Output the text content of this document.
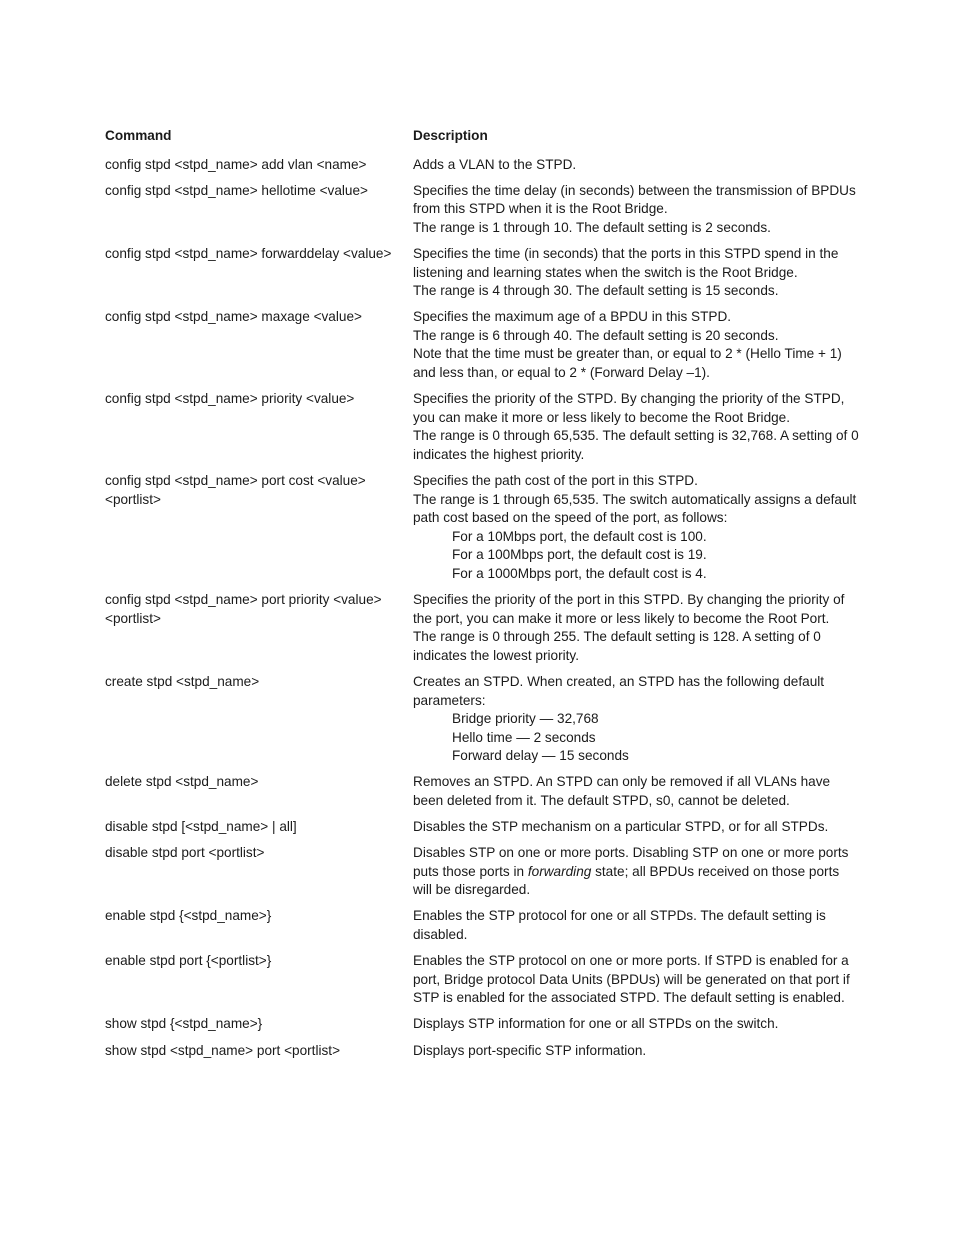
Command	Description
config stpd <stpd_name> add vlan <name>	Adds a VLAN to the STPD.

config stpd <stpd_name> hellotime <value>	Specifies the time delay (in seconds) between the transmission of BPDUs from this STPD when it is the Root Bridge.
The range is 1 through 10. The default setting is 2 seconds.

config stpd <stpd_name> forwarddelay <value>	Specifies the time (in seconds) that the ports in this STPD spend in the listening and learning states when the switch is the Root Bridge.
The range is 4 through 30. The default setting is 15 seconds.

config stpd <stpd_name> maxage <value>	Specifies the maximum age of a BPDU in this STPD.
The range is 6 through 40. The default setting is 20 seconds.
Note that the time must be greater than, or equal to 2 * (Hello Time + 1) and less than, or equal to 2 * (Forward Delay –1).

config stpd <stpd_name> priority <value>	Specifies the priority of the STPD. By changing the priority of the STPD, you can make it more or less likely to become the Root Bridge.
The range is 0 through 65,535. The default setting is 32,768. A setting of 0 indicates the highest priority.

config stpd <stpd_name> port cost <value> <portlist>	Specifies the path cost of the port in this STPD.
The range is 1 through 65,535. The switch automatically assigns a default path cost based on the speed of the port, as follows:
For a 10Mbps port, the default cost is 100.
For a 100Mbps port, the default cost is 19.
For a 1000Mbps port, the default cost is 4.

config stpd <stpd_name> port priority <value> <portlist>	Specifies the priority of the port in this STPD. By changing the priority of the port, you can make it more or less likely to become the Root Port.
The range is 0 through 255. The default setting is 128. A setting of 0 indicates the lowest priority.

create stpd <stpd_name>	Creates an STPD. When created, an STPD has the following default parameters:
Bridge priority — 32,768
Hello time — 2 seconds
Forward delay — 15 seconds

delete stpd <stpd_name>	Removes an STPD. An STPD can only be removed if all VLANs have been deleted from it. The default STPD, s0, cannot be deleted.

disable stpd [<stpd_name> | all]	Disables the STP mechanism on a particular STPD, or for all STPDs.

disable stpd port <portlist>	Disables STP on one or more ports. Disabling STP on one or more ports puts those ports in forwarding state; all BPDUs received on those ports will be disregarded.

enable stpd {<stpd_name>}	Enables the STP protocol for one or all STPDs. The default setting is disabled.

enable stpd port {<portlist>}	Enables the STP protocol on one or more ports. If STPD is enabled for a port, Bridge protocol Data Units (BPDUs) will be generated on that port if STP is enabled for the associated STPD. The default setting is enabled.

show stpd {<stpd_name>}	Displays STP information for one or all STPDs on the switch.

show stpd <stpd_name> port <portlist>	Displays port-specific STP information.
